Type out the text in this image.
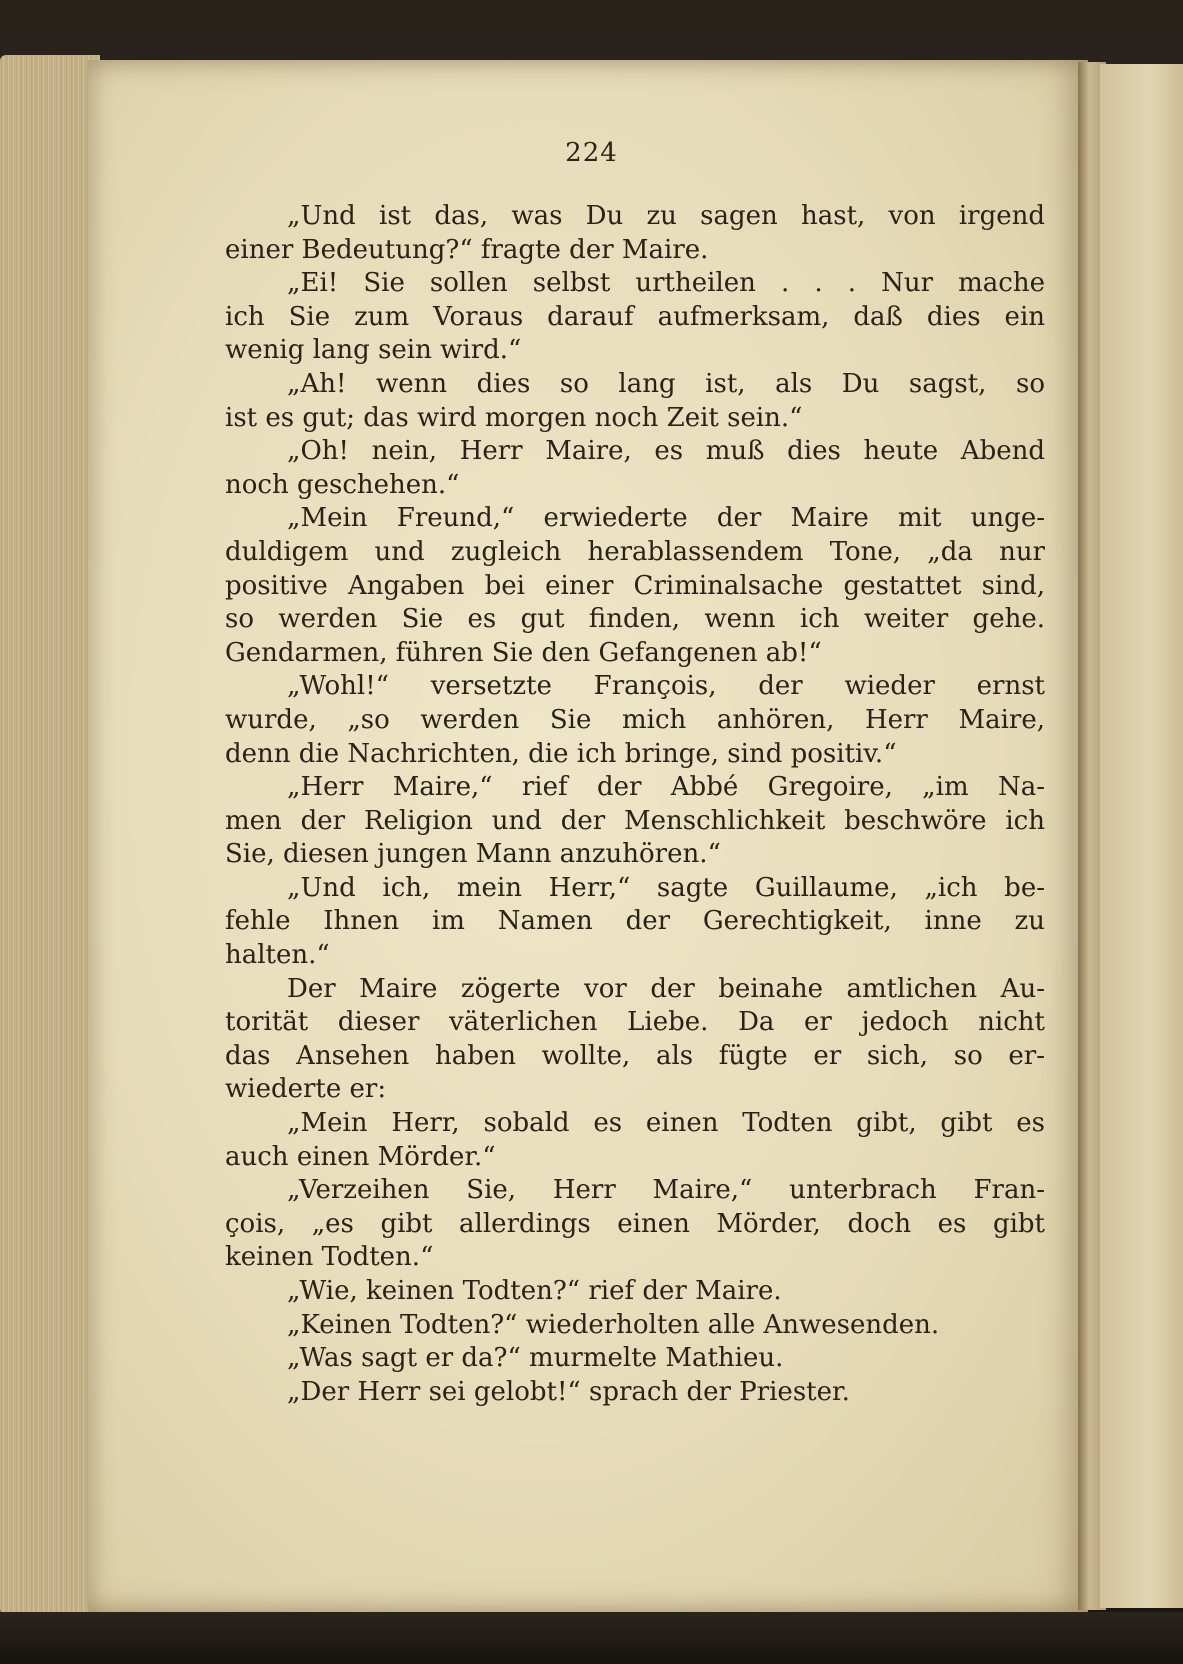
224
„Und ist das, was Du zu sagen hast, von irgend
einer Bedeutung?“ fragte der Maire.
„Ei! Sie sollen selbst urtheilen . . . Nur mache
ich Sie zum Voraus darauf aufmerksam, daß dies ein
wenig lang sein wird.“
„Ah! wenn dies so lang ist, als Du sagst, so
ist es gut; das wird morgen noch Zeit sein.“
„Oh! nein, Herr Maire, es muß dies heute Abend
noch geschehen.“
„Mein Freund,“ erwiederte der Maire mit unge-
duldigem und zugleich herablassendem Tone, „da nur
positive Angaben bei einer Criminalsache gestattet sind,
so werden Sie es gut finden, wenn ich weiter gehe.
Gendarmen, führen Sie den Gefangenen ab!“
„Wohl!“ versetzte François, der wieder ernst
wurde, „so werden Sie mich anhören, Herr Maire,
denn die Nachrichten, die ich bringe, sind positiv.“
„Herr Maire,“ rief der Abbé Gregoire, „im Na-
men der Religion und der Menschlichkeit beschwöre ich
Sie, diesen jungen Mann anzuhören.“
„Und ich, mein Herr,“ sagte Guillaume, „ich be-
fehle Ihnen im Namen der Gerechtigkeit, inne zu
halten.“
Der Maire zögerte vor der beinahe amtlichen Au-
torität dieser väterlichen Liebe. Da er jedoch nicht
das Ansehen haben wollte, als fügte er sich, so er-
wiederte er:
„Mein Herr, sobald es einen Todten gibt, gibt es
auch einen Mörder.“
„Verzeihen Sie, Herr Maire,“ unterbrach Fran-
çois, „es gibt allerdings einen Mörder, doch es gibt
keinen Todten.“
„Wie, keinen Todten?“ rief der Maire.
„Keinen Todten?“ wiederholten alle Anwesenden.
„Was sagt er da?“ murmelte Mathieu.
„Der Herr sei gelobt!“ sprach der Priester.
